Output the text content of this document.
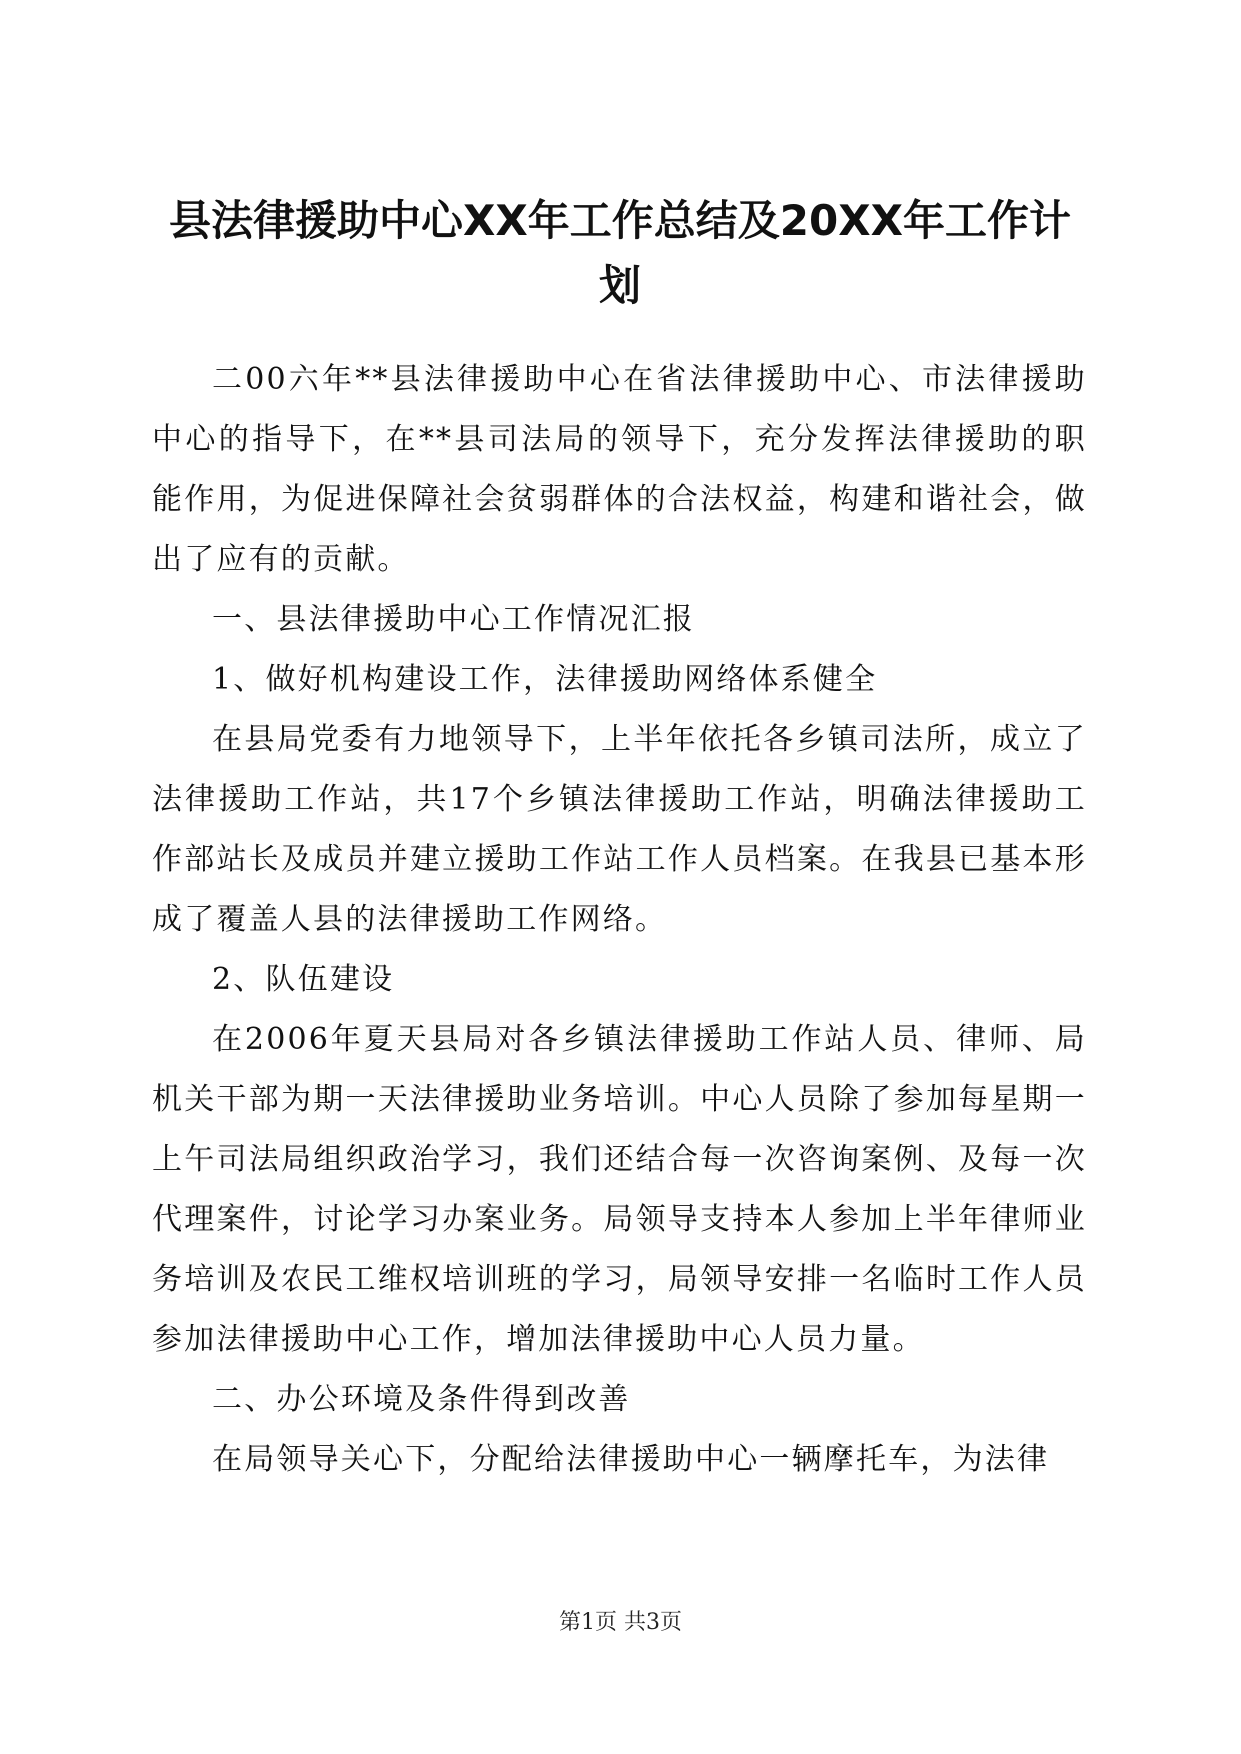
县法律援助中心XX年工作总结及20XX年工作计划

二00六年**县法律援助中心在省法律援助中心、市法律援助中心的指导下，在**县司法局的领导下，充分发挥法律援助的职能作用，为促进保障社会贫弱群体的合法权益，构建和谐社会，做出了应有的贡献。

一、县法律援助中心工作情况汇报

1、做好机构建设工作，法律援助网络体系健全

在县局党委有力地领导下，上半年依托各乡镇司法所，成立了法律援助工作站，共17个乡镇法律援助工作站，明确法律援助工作部站长及成员并建立援助工作站工作人员档案。在我县已基本形成了覆盖人县的法律援助工作网络。

2、队伍建设

在2006年夏天县局对各乡镇法律援助工作站人员、律师、局机关干部为期一天法律援助业务培训。中心人员除了参加每星期一上午司法局组织政治学习，我们还结合每一次咨询案例、及每一次代理案件，讨论学习办案业务。局领导支持本人参加上半年律师业务培训及农民工维权培训班的学习，局领导安排一名临时工作人员参加法律援助中心工作，增加法律援助中心人员力量。

二、办公环境及条件得到改善

在局领导关心下，分配给法律援助中心一辆摩托车，为法律

第1页 共3页
